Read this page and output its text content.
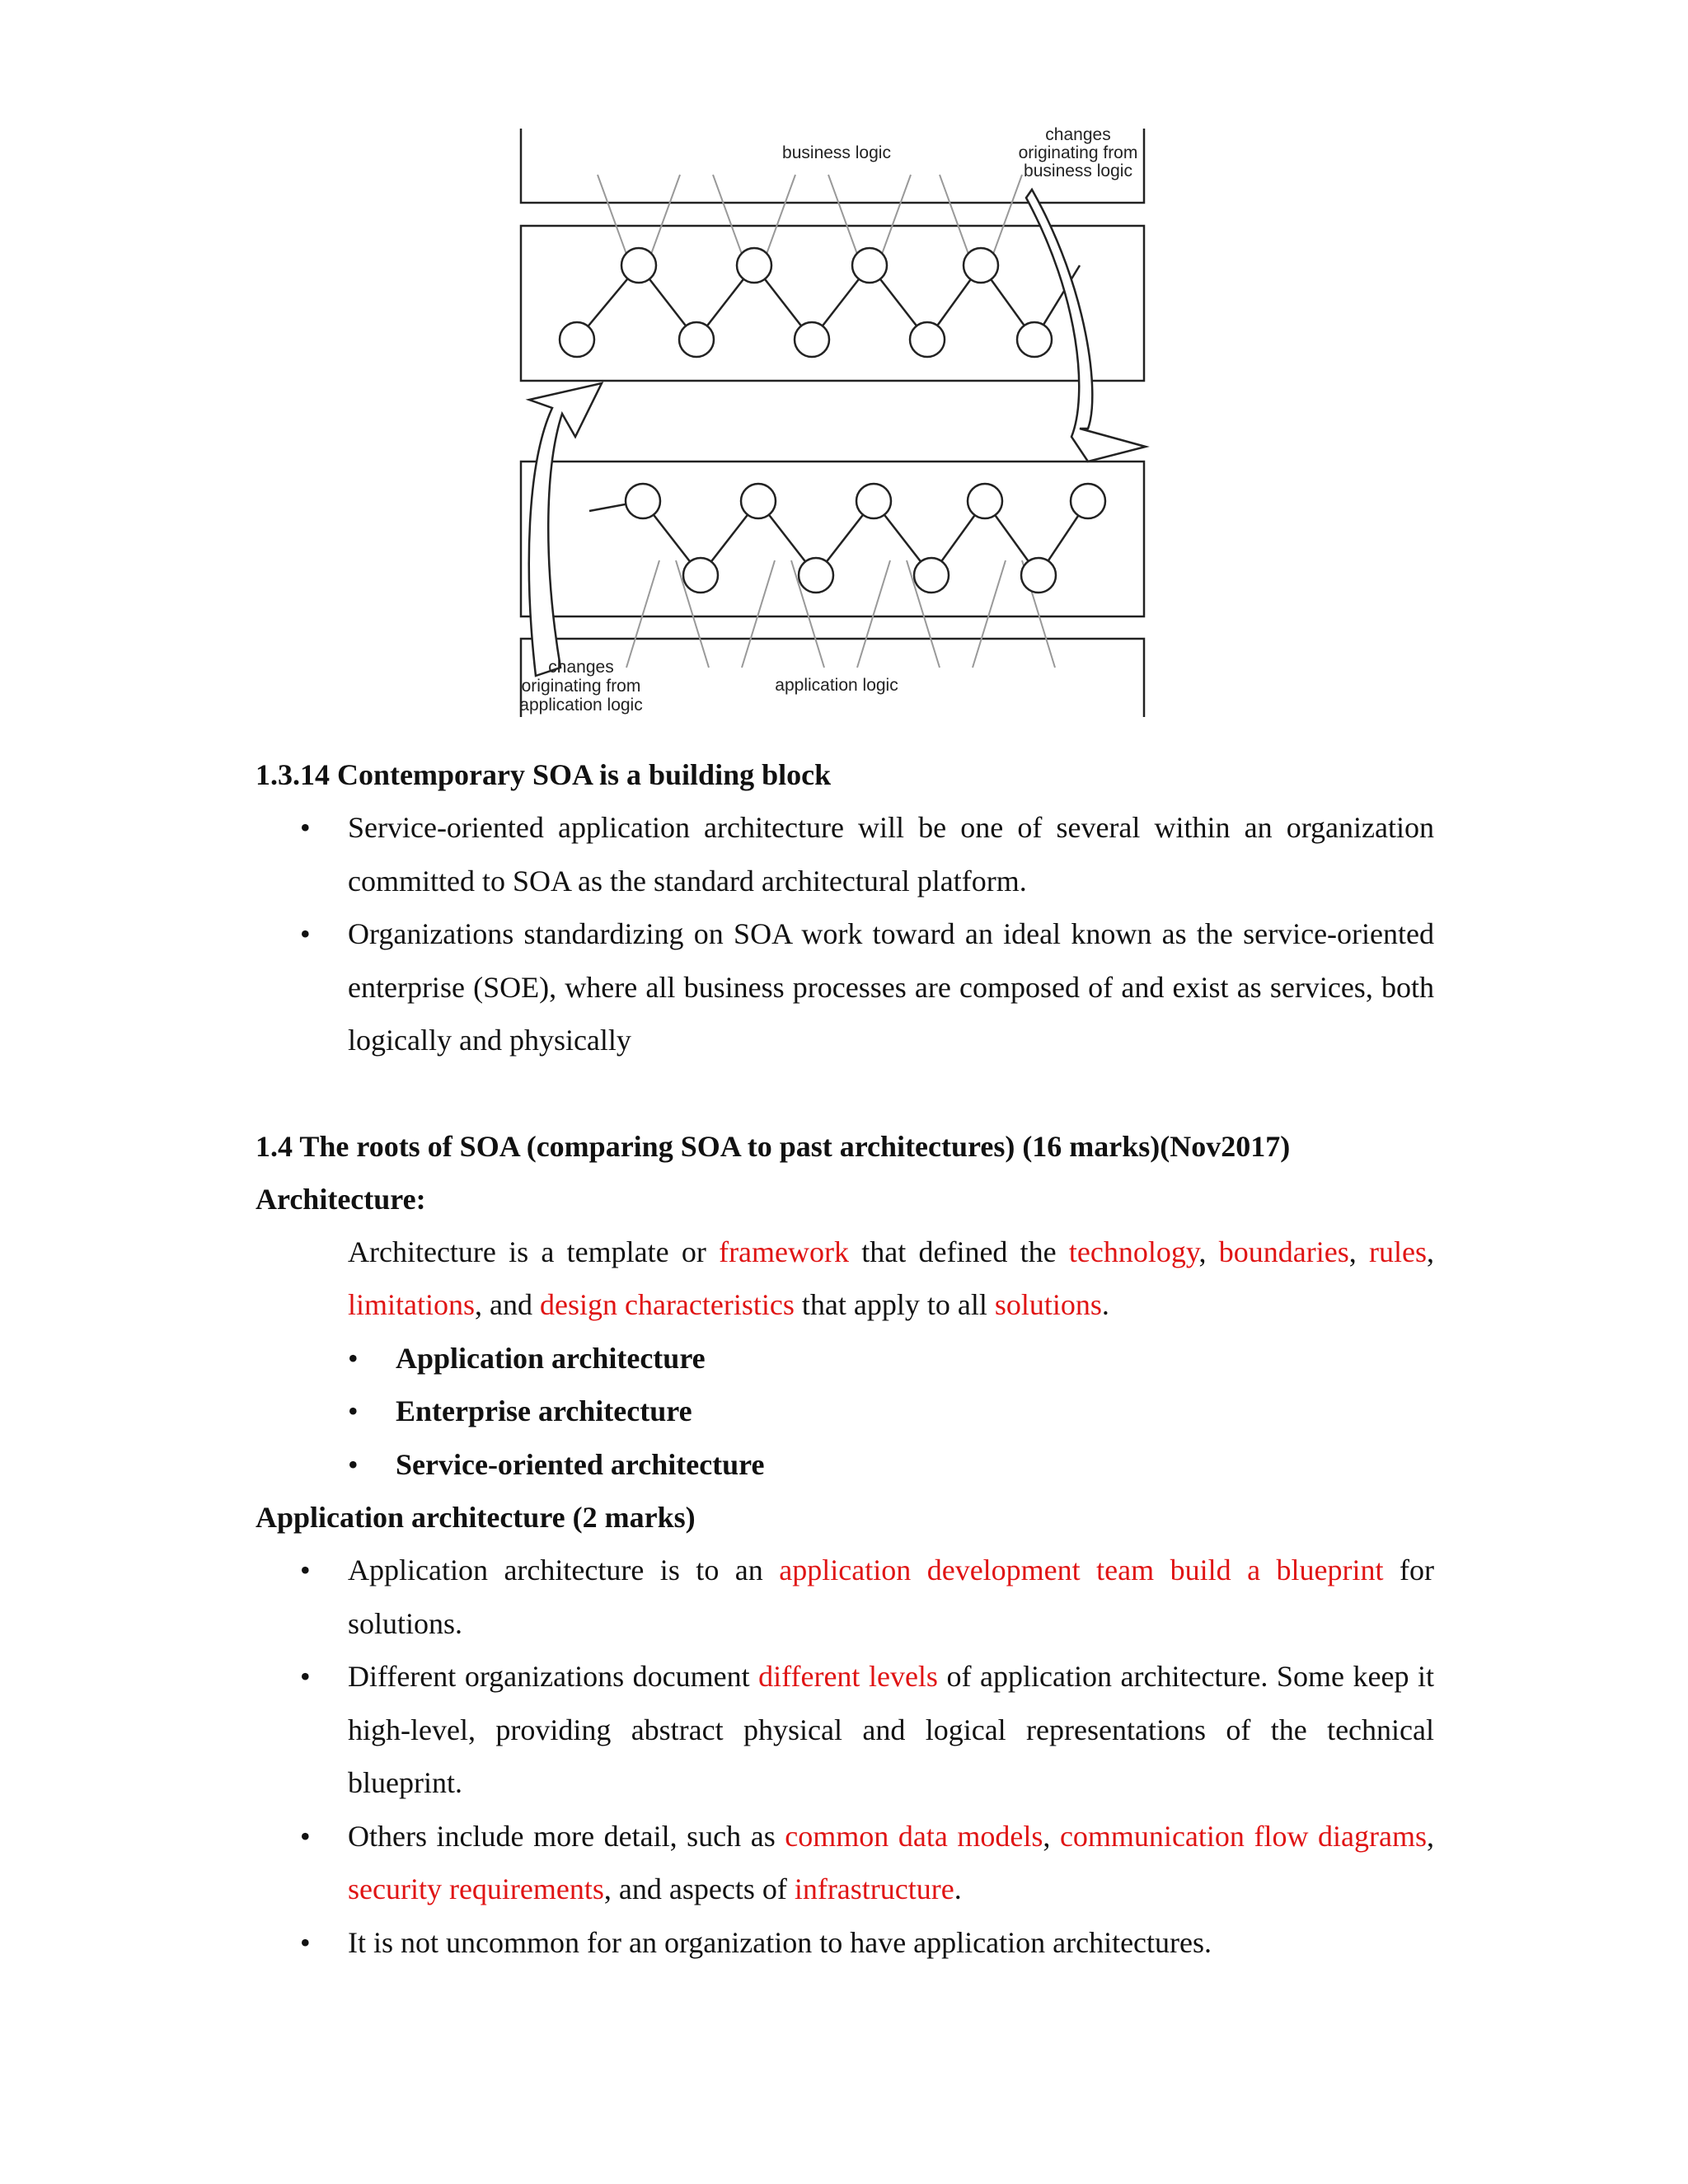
business logic
changes
originating from
business logic
application logic
changes
originating from
application logic

1.3.14 Contemporary SOA is a building block

• Service-oriented application architecture will be one of several within an organization committed to SOA as the standard architectural platform.
• Organizations standardizing on SOA work toward an ideal known as the service-oriented enterprise (SOE), where all business processes are composed of and exist as services, both logically and physically

1.4 The roots of SOA (comparing SOA to past architectures) (16 marks)(Nov2017)

Architecture:

Architecture is a template or framework that defined the technology, boundaries, rules, limitations, and design characteristics that apply to all solutions.

• Application architecture
• Enterprise architecture
• Service-oriented architecture

Application architecture (2 marks)

• Application architecture is to an application development team build a blueprint for solutions.
• Different organizations document different levels of application architecture. Some keep it high-level, providing abstract physical and logical representations of the technical blueprint.
• Others include more detail, such as common data models, communication flow diagrams, security requirements, and aspects of infrastructure.
• It is not uncommon for an organization to have application architectures.
